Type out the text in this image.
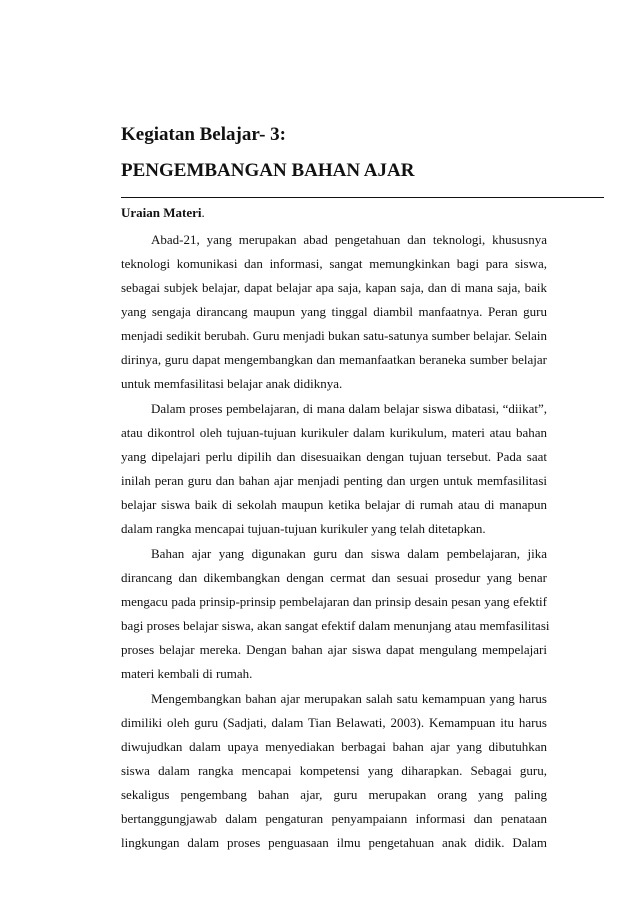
Kegiatan Belajar- 3:
PENGEMBANGAN BAHAN AJAR
Uraian Materi.
Abad-21, yang merupakan abad pengetahuan dan teknologi, khususnya
teknologi komunikasi dan informasi, sangat memungkinkan bagi para siswa,
sebagai subjek belajar, dapat belajar apa saja, kapan saja, dan di mana saja, baik
yang sengaja dirancang maupun yang tinggal diambil manfaatnya. Peran guru
menjadi sedikit berubah. Guru menjadi bukan satu-satunya sumber belajar. Selain
dirinya, guru dapat mengembangkan dan memanfaatkan beraneka sumber belajar
untuk memfasilitasi belajar anak didiknya.
Dalam proses pembelajaran, di mana dalam belajar siswa dibatasi, “diikat”,
atau dikontrol oleh tujuan-tujuan kurikuler dalam kurikulum, materi atau bahan
yang dipelajari perlu dipilih dan disesuaikan dengan tujuan tersebut. Pada saat
inilah peran guru dan bahan ajar menjadi penting dan urgen untuk memfasilitasi
belajar siswa baik di sekolah maupun ketika belajar di rumah atau di manapun
dalam rangka mencapai tujuan-tujuan kurikuler yang telah ditetapkan.
Bahan ajar yang digunakan guru dan siswa dalam pembelajaran, jika
dirancang dan dikembangkan dengan cermat dan sesuai prosedur yang benar
mengacu pada prinsip-prinsip pembelajaran dan prinsip desain pesan yang efektif
bagi proses belajar siswa, akan sangat efektif dalam menunjang atau memfasilitasi
proses belajar mereka. Dengan bahan ajar siswa dapat mengulang mempelajari
materi kembali di rumah.
Mengembangkan bahan ajar merupakan salah satu kemampuan yang harus
dimiliki oleh guru (Sadjati, dalam Tian Belawati, 2003). Kemampuan itu harus
diwujudkan dalam upaya menyediakan berbagai bahan ajar yang dibutuhkan
siswa dalam rangka mencapai kompetensi yang diharapkan. Sebagai guru,
sekaligus pengembang bahan ajar, guru merupakan orang yang paling
bertanggungjawab dalam pengaturan penyampaiann informasi dan penataan
lingkungan dalam proses penguasaan ilmu pengetahuan anak didik. Dalam
